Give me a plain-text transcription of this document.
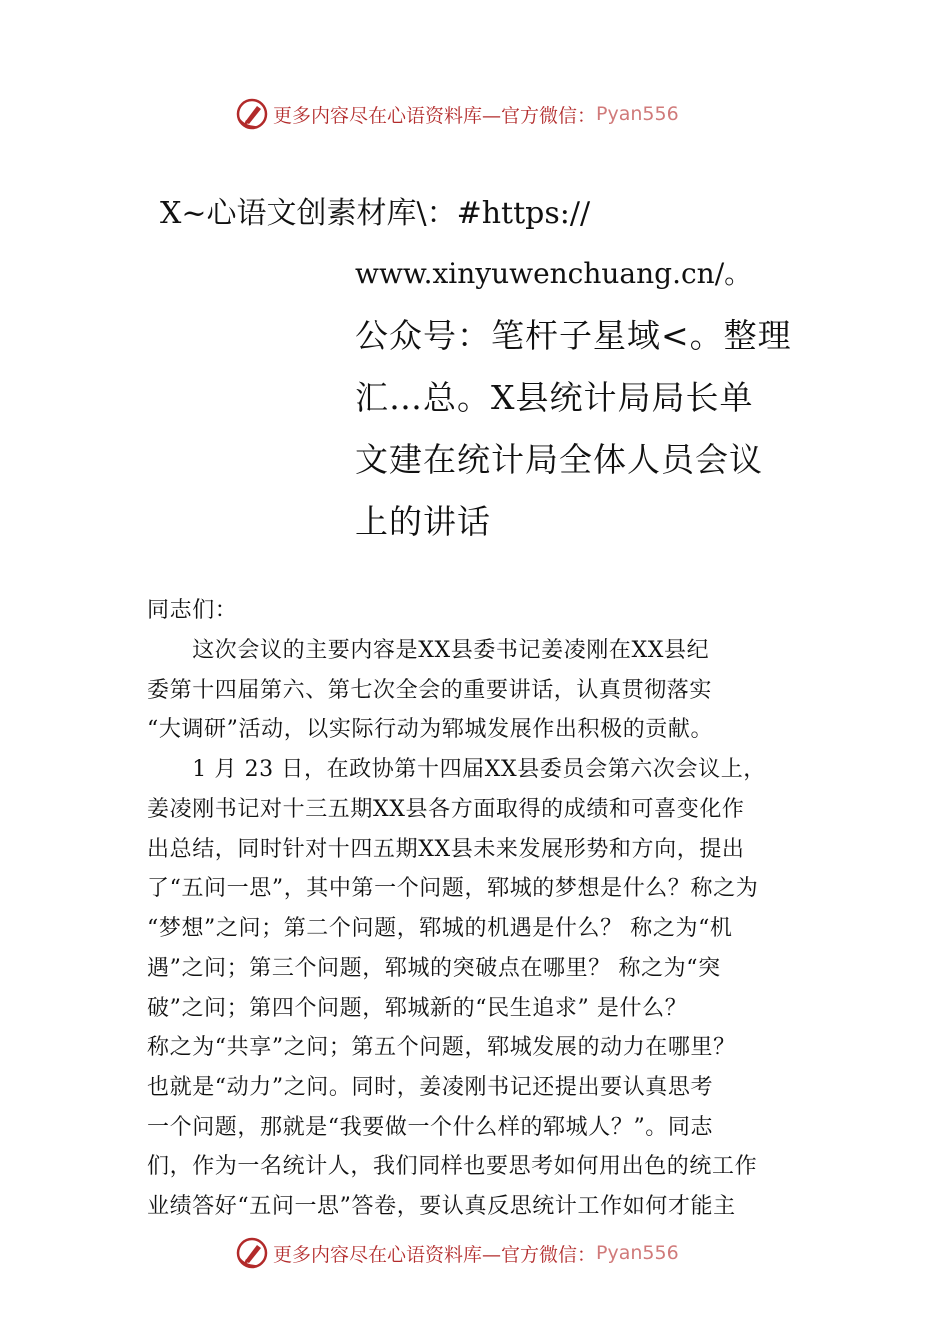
更多内容尽在心语资料库—官方微信： Pyan556
X~心语文创素材库\：#https://
www.xinyuwenchuang.cn/。
公众号：笔杆子星域<。整理
汇…总。X县统计局局长单
文建在统计局全体人员会议
上的讲话
同志们：
　　这次会议的主要内容是XX县委书记姜凌刚在XX县纪
委第十四届第六、第七次全会的重要讲话，认真贯彻落实
“大调研”活动，以实际行动为郓城发展作出积极的贡献。
　　1 月 23 日，在政协第十四届XX县委员会第六次会议上，
姜凌刚书记对十三五期XX县各方面取得的成绩和可喜变化作
出总结，同时针对十四五期XX县未来发展形势和方向，提出
了“五问一思”，其中第一个问题，郓城的梦想是什么？称之为
“梦想”之问；第二个问题，郓城的机遇是什么？ 称之为“机
遇”之问；第三个问题，郓城的突破点在哪里？ 称之为“突
破”之问；第四个问题，郓城新的“民生追求” 是什么？
称之为“共享”之问；第五个问题，郓城发展的动力在哪里？
也就是“动力”之问。同时，姜凌刚书记还提出要认真思考
一个问题，那就是“我要做一个什么样的郓城人？”。同志
们，作为一名统计人，我们同样也要思考如何用出色的统工作
业绩答好“五问一思”答卷，要认真反思统计工作如何才能主
更多内容尽在心语资料库—官方微信： Pyan556
